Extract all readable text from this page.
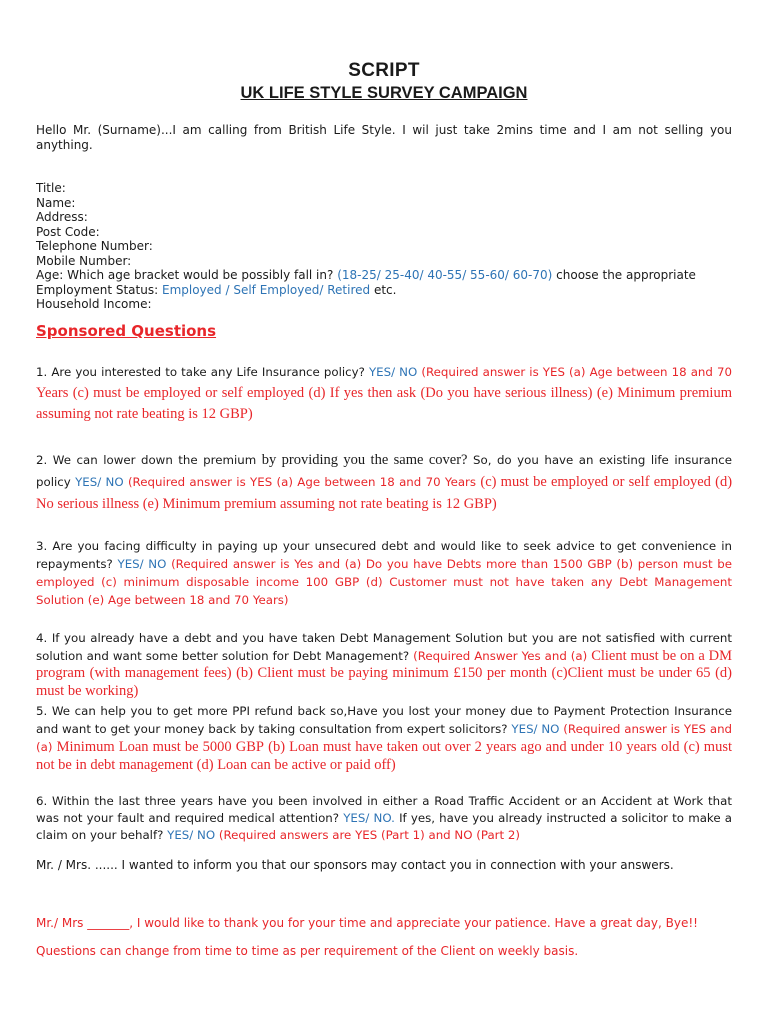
SCRIPT
UK LIFE STYLE SURVEY CAMPAIGN
Hello Mr. (Surname)...I am calling from British Life Style. I wil just take 2mins time and I am not selling you anything.
Title:
Name:
Address:
Post Code:
Telephone Number:
Mobile Number:
Age: Which age bracket would be possibly fall in? (18-25/ 25-40/ 40-55/ 55-60/ 60-70) choose the appropriate
Employment Status: Employed / Self Employed/ Retired etc.
Household Income:
Sponsored Questions
1. Are you interested to take any Life Insurance policy? YES/ NO (Required answer is YES (a) Age between 18 and 70 Years (c) must be employed or self employed (d) If yes then ask (Do you have serious illness) (e) Minimum premium assuming not rate beating is 12 GBP)
2. We can lower down the premium by providing you the same cover? So, do you have an existing life insurance policy YES/ NO (Required answer is YES (a) Age between 18 and 70 Years (c) must be employed or self employed (d) No serious illness (e) Minimum premium assuming not rate beating is 12 GBP)
3. Are you facing difficulty in paying up your unsecured debt and would like to seek advice to get convenience in repayments? YES/ NO (Required answer is Yes and (a) Do you have Debts more than 1500 GBP (b) person must be employed (c) minimum disposable income 100 GBP (d) Customer must not have taken any Debt Management Solution (e) Age between 18 and 70 Years)
4. If you already have a debt and you have taken Debt Management Solution but you are not satisfied with current solution and want some better solution for Debt Management? (Required Answer Yes and (a) Client must be on a DM program (with management fees) (b) Client must be paying minimum £150 per month (c)Client must be under 65 (d) must be working)
5. We can help you to get more PPI refund back so,Have you lost your money due to Payment Protection Insurance and want to get your money back by taking consultation from expert solicitors? YES/ NO (Required answer is YES and (a) Minimum Loan must be 5000 GBP (b) Loan must have taken out over 2 years ago and under 10 years old (c) must not be in debt management (d) Loan can be active or paid off)
6. Within the last three years have you been involved in either a Road Traffic Accident or an Accident at Work that was not your fault and required medical attention? YES/ NO. If yes, have you already instructed a solicitor to make a claim on your behalf? YES/ NO (Required answers are YES (Part 1) and NO (Part 2)
Mr. / Mrs. ...... I wanted to inform you that our sponsors may contact you in connection with your answers.
Mr./ Mrs _______, I would like to thank you for your time and appreciate your patience. Have a great day, Bye!!
Questions can change from time to time as per requirement of the Client on weekly basis.
